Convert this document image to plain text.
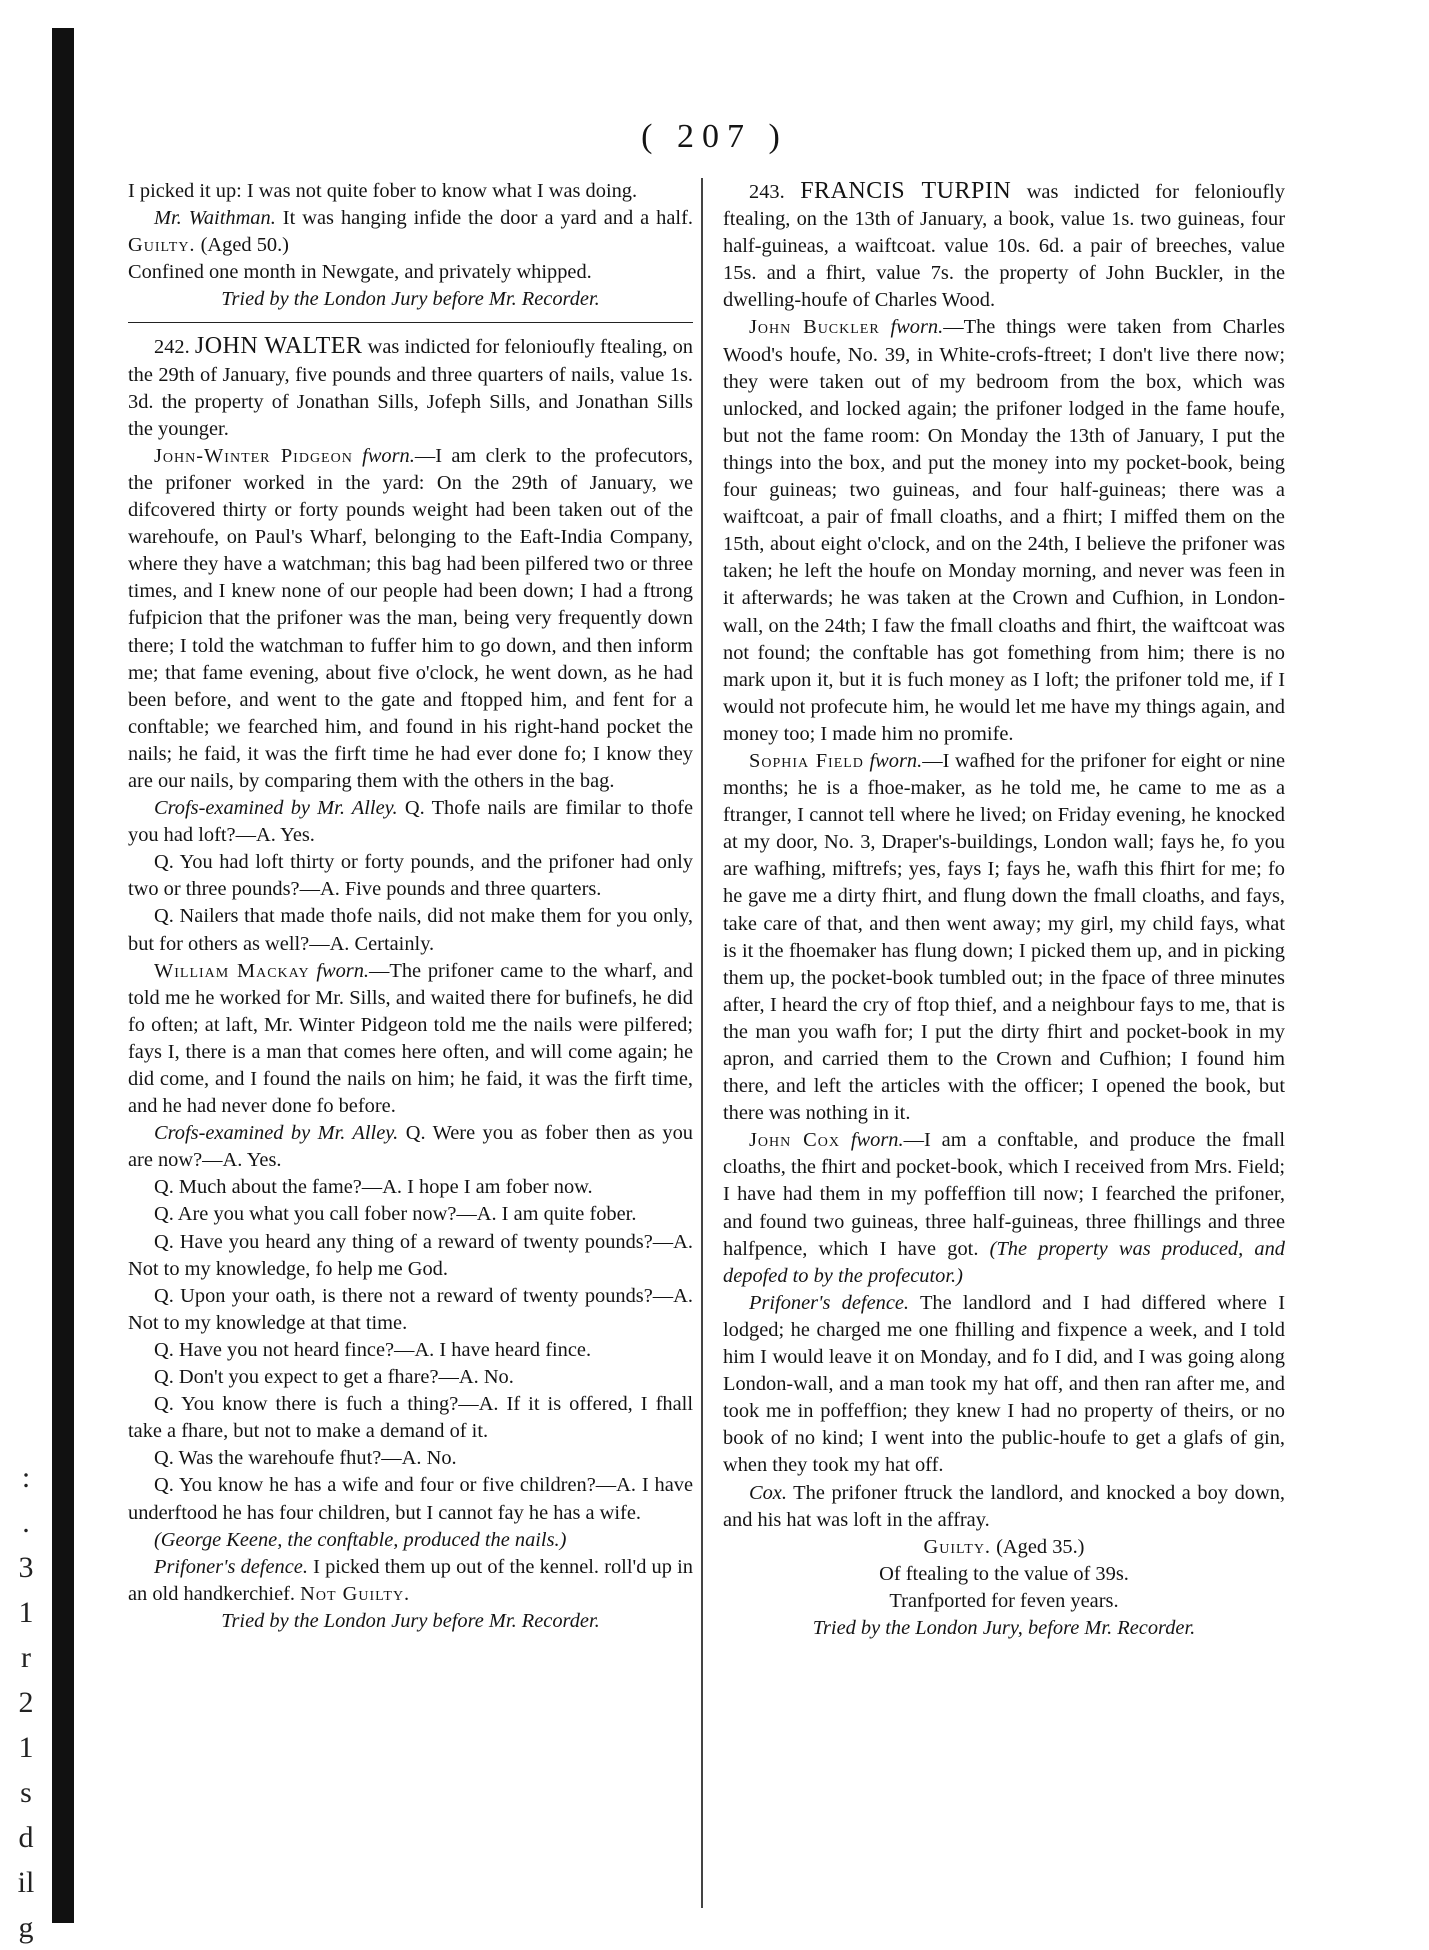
:
.
3
1
r
2
1
s
d
il
g
( 207 )

I picked it up: I was not quite fober to know what I was doing.

Mr. Waithman. It was hanging infide the door a yard and a half. Guilty. (Aged 50.)

Confined one month in Newgate, and privately whipped.

Tried by the London Jury before Mr. Recorder.

242. JOHN WALTER was indicted for felonioufly ftealing, on the 29th of January, five pounds and three quarters of nails, value 1s. 3d. the property of Jonathan Sills, Jofeph Sills, and Jonathan Sills the younger.

John-Winter Pidgeon fworn.—I am clerk to the profecutors, the prifoner worked in the yard: On the 29th of January, we difcovered thirty or forty pounds weight had been taken out of the warehoufe, on Paul's Wharf, belonging to the Eaft-India Company, where they have a watchman; this bag had been pilfered two or three times, and I knew none of our people had been down; I had a ftrong fufpicion that the prifoner was the man, being very frequently down there; I told the watchman to fuffer him to go down, and then inform me; that fame evening, about five o'clock, he went down, as he had been before, and went to the gate and ftopped him, and fent for a conftable; we fearched him, and found in his right-hand pocket the nails; he faid, it was the firft time he had ever done fo; I know they are our nails, by comparing them with the others in the bag.

Crofs-examined by Mr. Alley. Q. Thofe nails are fimilar to thofe you had loft?—A. Yes.

Q. You had loft thirty or forty pounds, and the prifoner had only two or three pounds?—A. Five pounds and three quarters.

Q. Nailers that made thofe nails, did not make them for you only, but for others as well?—A. Certainly.

William Mackay fworn.—The prifoner came to the wharf, and told me he worked for Mr. Sills, and waited there for bufinefs, he did fo often; at laft, Mr. Winter Pidgeon told me the nails were pilfered; fays I, there is a man that comes here often, and will come again; he did come, and I found the nails on him; he faid, it was the firft time, and he had never done fo before.

Crofs-examined by Mr. Alley. Q. Were you as fober then as you are now?—A. Yes.

Q. Much about the fame?—A. I hope I am fober now.

Q. Are you what you call fober now?—A. I am quite fober.

Q. Have you heard any thing of a reward of twenty pounds?—A. Not to my knowledge, fo help me God.

Q. Upon your oath, is there not a reward of twenty pounds?—A. Not to my knowledge at that time.

Q. Have you not heard fince?—A. I have heard fince.

Q. Don't you expect to get a fhare?—A. No.

Q. You know there is fuch a thing?—A. If it is offered, I fhall take a fhare, but not to make a demand of it.

Q. Was the warehoufe fhut?—A. No.

Q. You know he has a wife and four or five children?—A. I have underftood he has four children, but I cannot fay he has a wife.

(George Keene, the conftable, produced the nails.)

Prifoner's defence. I picked them up out of the kennel. roll'd up in an old handkerchief. Not Guilty.

Tried by the London Jury before Mr. Recorder.

243. FRANCIS TURPIN was indicted for felonioufly ftealing, on the 13th of January, a book, value 1s. two guineas, four half-guineas, a waiftcoat. value 10s. 6d. a pair of breeches, value 15s. and a fhirt, value 7s. the property of John Buckler, in the dwelling-houfe of Charles Wood.

John Buckler fworn.—The things were taken from Charles Wood's houfe, No. 39, in White-crofs-ftreet; I don't live there now; they were taken out of my bedroom from the box, which was unlocked, and locked again; the prifoner lodged in the fame houfe, but not the fame room: On Monday the 13th of January, I put the things into the box, and put the money into my pocket-book, being four guineas; two guineas, and four half-guineas; there was a waiftcoat, a pair of fmall cloaths, and a fhirt; I miffed them on the 15th, about eight o'clock, and on the 24th, I believe the prifoner was taken; he left the houfe on Monday morning, and never was feen in it afterwards; he was taken at the Crown and Cufhion, in London-wall, on the 24th; I faw the fmall cloaths and fhirt, the waiftcoat was not found; the conftable has got fomething from him; there is no mark upon it, but it is fuch money as I loft; the prifoner told me, if I would not profecute him, he would let me have my things again, and money too; I made him no promife.

Sophia Field fworn.—I wafhed for the prifoner for eight or nine months; he is a fhoe-maker, as he told me, he came to me as a ftranger, I cannot tell where he lived; on Friday evening, he knocked at my door, No. 3, Draper's-buildings, London wall; fays he, fo you are wafhing, miftrefs; yes, fays I; fays he, wafh this fhirt for me; fo he gave me a dirty fhirt, and flung down the fmall cloaths, and fays, take care of that, and then went away; my girl, my child fays, what is it the fhoemaker has flung down; I picked them up, and in picking them up, the pocket-book tumbled out; in the fpace of three minutes after, I heard the cry of ftop thief, and a neighbour fays to me, that is the man you wafh for; I put the dirty fhirt and pocket-book in my apron, and carried them to the Crown and Cufhion; I found him there, and left the articles with the officer; I opened the book, but there was nothing in it.

John Cox fworn.—I am a conftable, and produce the fmall cloaths, the fhirt and pocket-book, which I received from Mrs. Field; I have had them in my poffeffion till now; I fearched the prifoner, and found two guineas, three half-guineas, three fhillings and three halfpence, which I have got. (The property was produced, and depofed to by the profecutor.)

Prifoner's defence. The landlord and I had differed where I lodged; he charged me one fhilling and fixpence a week, and I told him I would leave it on Monday, and fo I did, and I was going along London-wall, and a man took my hat off, and then ran after me, and took me in poffeffion; they knew I had no property of theirs, or no book of no kind; I went into the public-houfe to get a glafs of gin, when they took my hat off.

Cox. The prifoner ftruck the landlord, and knocked a boy down, and his hat was loft in the affray.

Guilty. (Aged 35.)

Of ftealing to the value of 39s.

Tranfported for feven years.

Tried by the London Jury, before Mr. Recorder.
